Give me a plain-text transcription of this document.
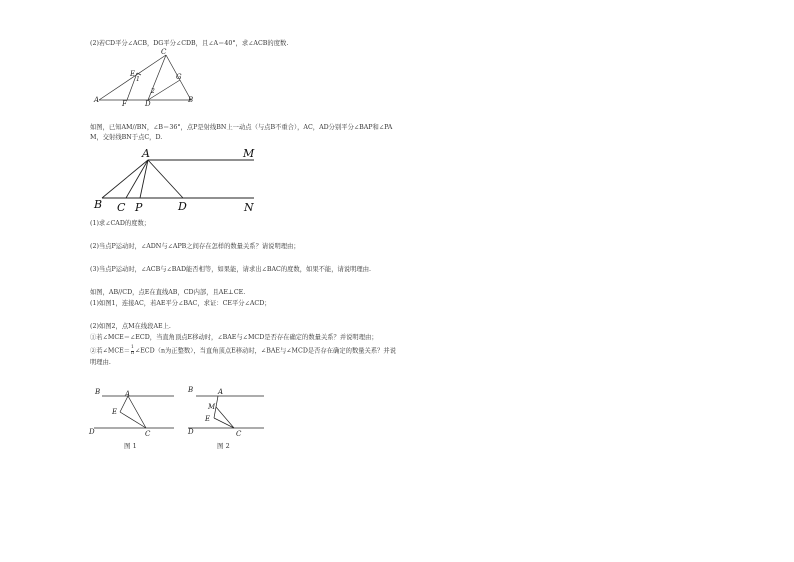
(2)若CD平分∠ACB，DG平分∠CDB，且∠A＝40°，求∠ACB的度数.
A	F	D	B
E
C
G
1
2
如图，已知AM//BN，∠B＝36°，点P是射线BN上一动点（与点B不重合），AC，AD分别平分∠BAP和∠PA
M，交射线BN于点C，D.
A	M
B C P	D	N
(1)求∠CAD的度数；
(2)当点P运动时，∠ADN与∠APB之间存在怎样的数量关系？请说明理由；
(3)当点P运动时，∠ACB与∠BAD能否相等，如果能，请求出∠BAC的度数，如果不能，请说明理由.
如图，AB//CD，点E在直线AB，CD内部，且AE⊥CE.
(1)如图1，连接AC，若AE平分∠BAC，求证：CE平分∠ACD；
(2)如图2，点M在线段AE上.
①若∠MCE＝∠ECD，当直角顶点E移动时，∠BAE与∠MCD是否存在确定的数量关系？并说明理由；
②若∠MCE＝ $\frac{1}{n}$ ∠ECD（n为正整数），当直角顶点E移动时，∠BAE与∠MCD是否存在确定的数量关系？并说
明理由.
B	A
E
D	C
图 1
B	A
M
E
D	C
图 2
